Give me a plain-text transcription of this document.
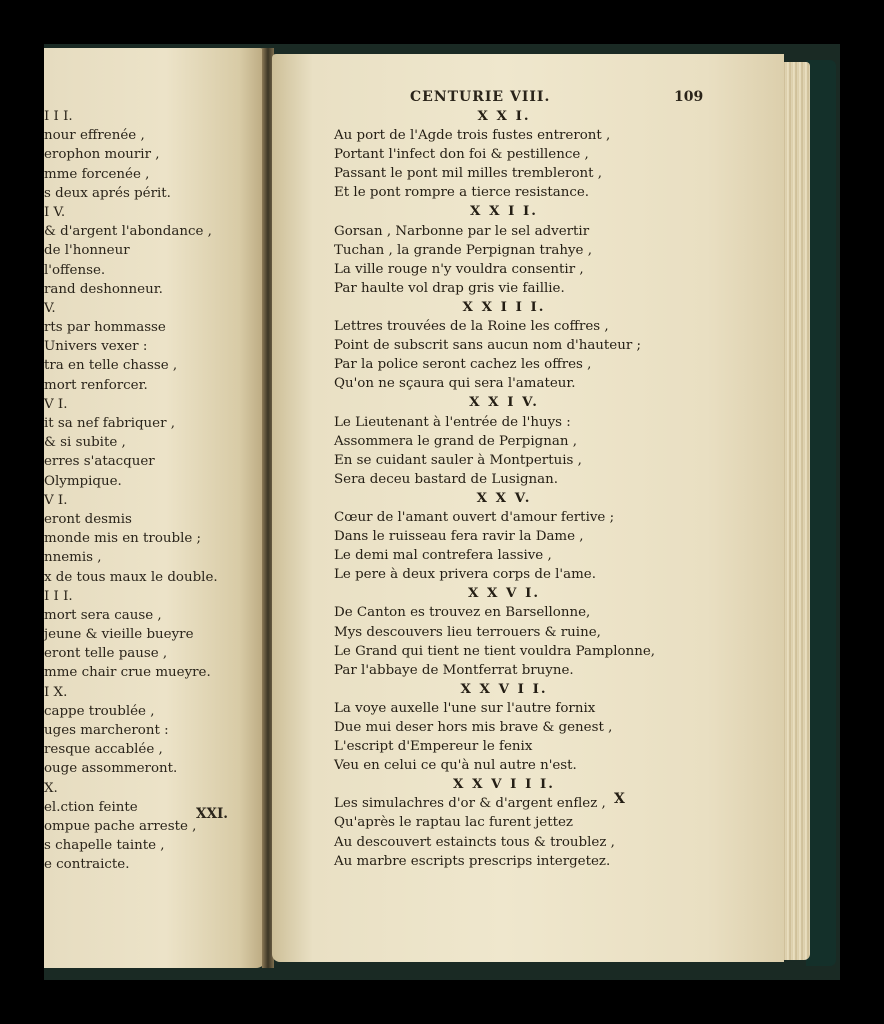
I I I.
nour effrenée ,
erophon mourir ,
mme forcenée ,
s deux aprés périt.
I V.
& d'argent l'abondance ,
de l'honneur
l'offense.
rand deshonneur.
V.
rts par hommasse
Univers vexer :
tra en telle chasse ,
mort renforcer.
V I.
it sa nef fabriquer ,
& si subite ,
erres s'atacquer
Olympique.
V I.
eront desmis
monde mis en trouble ;
nnemis ,
x de tous maux le double.
I I I.
mort sera cause ,
jeune & vieille bueyre
eront telle pause ,
mme chair crue mueyre.
I X.
cappe troublée ,
uges marcheront :
resque accablée ,
ouge assommeront.
X.
el.ction feinte
ompue pache arreste ,
s chapelle tainte ,
e contraicte.
XXI.
CENTURIE VIII.	109
X X I.
Au port de l'Agde trois fustes entreront ,
Portant l'infect don foi & pestillence ,
Passant le pont mil milles trembleront ,
Et le pont rompre a tierce resistance.
X X I I.
Gorsan , Narbonne par le sel advertir
Tuchan , la grande Perpignan trahye ,
La ville rouge n'y vouldra consentir ,
Par haulte vol drap gris vie faillie.
X X I I I.
Lettres trouvées de la Roine les coffres ,
Point de subscrit sans aucun nom d'hauteur ;
Par la police seront cachez les offres ,
Qu'on ne sçaura qui sera l'amateur.
X X I V.
Le Lieutenant à l'entrée de l'huys :
Assommera le grand de Perpignan ,
En se cuidant sauler à Montpertuis ,
Sera deceu bastard de Lusignan.
X X V.
Cœur de l'amant ouvert d'amour fertive ;
Dans le ruisseau fera ravir la Dame ,
Le demi mal contrefera lassive ,
Le pere à deux privera corps de l'ame.
X X V I.
De Canton es trouvez en Barsellonne,
Mys descouvers lieu terrouers & ruine,
Le Grand qui tient ne tient vouldra Pamplonne,
Par l'abbaye de Montferrat bruyne.
X X V I I.
La voye auxelle l'une sur l'autre fornix
Due mui deser hors mis brave & genest ,
L'escript d'Empereur le fenix
Veu en celui ce qu'à nul autre n'est.
X X V I I I.
Les simulachres d'or & d'argent enflez ,
Qu'après le raptau lac furent jettez
Au descouvert estaincts tous & troublez ,
Au marbre escripts prescrips intergetez.
X
